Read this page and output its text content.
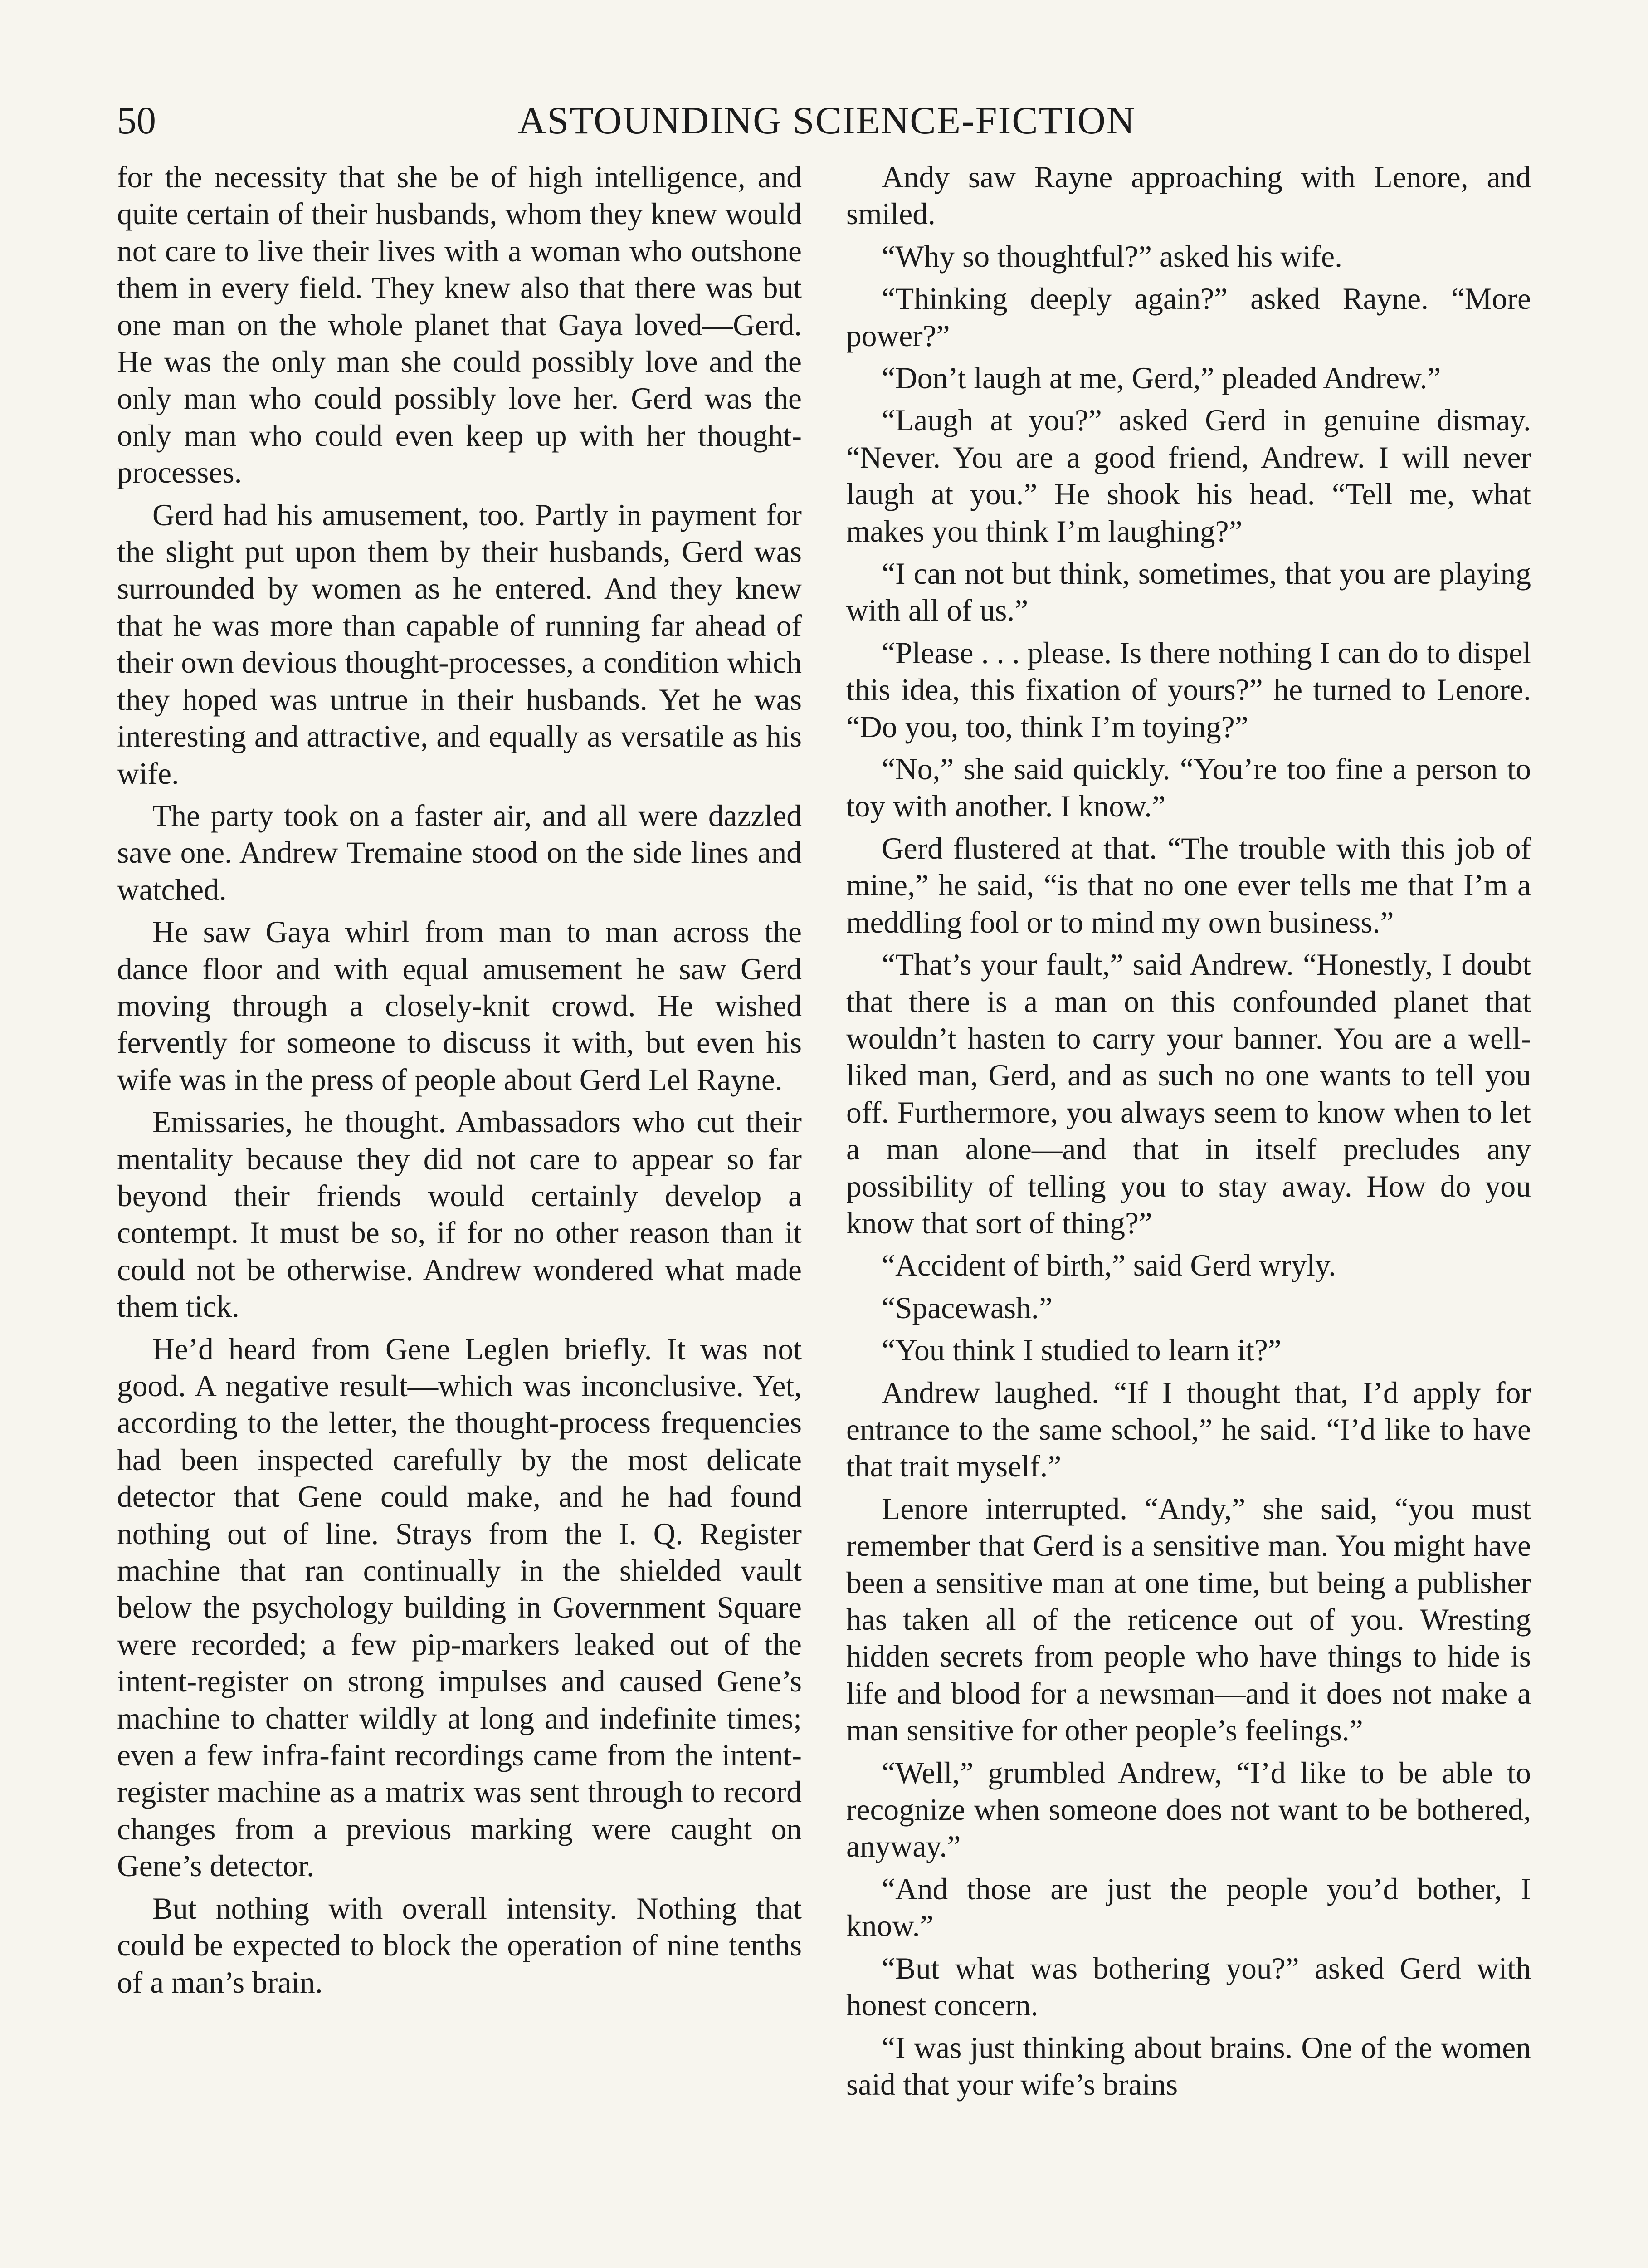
50	ASTOUNDING SCIENCE-FICTION

for the necessity that she be of high intelligence, and quite certain of their husbands, whom they knew would not care to live their lives with a woman who outshone them in every field. They knew also that there was but one man on the whole planet that Gaya loved—Gerd. He was the only man she could possibly love and the only man who could possibly love her. Gerd was the only man who could even keep up with her thought-processes.

Gerd had his amusement, too. Partly in payment for the slight put upon them by their husbands, Gerd was surrounded by women as he entered. And they knew that he was more than capable of running far ahead of their own devious thought-processes, a condition which they hoped was untrue in their husbands. Yet he was interesting and attractive, and equally as versatile as his wife.

The party took on a faster air, and all were dazzled save one. Andrew Tremaine stood on the side lines and watched.

He saw Gaya whirl from man to man across the dance floor and with equal amusement he saw Gerd moving through a closely-knit crowd. He wished fervently for someone to discuss it with, but even his wife was in the press of people about Gerd Lel Rayne.

Emissaries, he thought. Ambassadors who cut their mentality because they did not care to appear so far beyond their friends would certainly develop a contempt. It must be so, if for no other reason than it could not be otherwise. Andrew wondered what made them tick.

He’d heard from Gene Leglen briefly. It was not good. A negative result—which was inconclusive. Yet, according to the letter, the thought-process frequencies had been inspected carefully by the most delicate detector that Gene could make, and he had found nothing out of line. Strays from the I. Q. Register machine that ran continually in the shielded vault below the psychology building in Government Square were recorded; a few pip-markers leaked out of the intent-register on strong impulses and caused Gene’s machine to chatter wildly at long and indefinite times; even a few infra-faint recordings came from the intent-register machine as a matrix was sent through to record changes from a previous marking were caught on Gene’s detector.

But nothing with overall intensity. Nothing that could be expected to block the operation of nine tenths of a man’s brain.

Andy saw Rayne approaching with Lenore, and smiled.

“Why so thoughtful?” asked his wife.

“Thinking deeply again?” asked Rayne. “More power?”

“Don’t laugh at me, Gerd,” pleaded Andrew.”

“Laugh at you?” asked Gerd in genuine dismay. “Never. You are a good friend, Andrew. I will never laugh at you.” He shook his head. “Tell me, what makes you think I’m laughing?”

“I can not but think, sometimes, that you are playing with all of us.”

“Please . . . please. Is there nothing I can do to dispel this idea, this fixation of yours?” he turned to Lenore. “Do you, too, think I’m toying?”

“No,” she said quickly. “You’re too fine a person to toy with another. I know.”

Gerd flustered at that. “The trouble with this job of mine,” he said, “is that no one ever tells me that I’m a meddling fool or to mind my own business.”

“That’s your fault,” said Andrew. “Honestly, I doubt that there is a man on this confounded planet that wouldn’t hasten to carry your banner. You are a well-liked man, Gerd, and as such no one wants to tell you off. Furthermore, you always seem to know when to let a man alone—and that in itself precludes any possibility of telling you to stay away. How do you know that sort of thing?”

“Accident of birth,” said Gerd wryly.

“Spacewash.”

“You think I studied to learn it?”

Andrew laughed. “If I thought that, I’d apply for entrance to the same school,” he said. “I’d like to have that trait myself.”

Lenore interrupted. “Andy,” she said, “you must remember that Gerd is a sensitive man. You might have been a sensitive man at one time, but being a publisher has taken all of the reticence out of you. Wresting hidden secrets from people who have things to hide is life and blood for a newsman—and it does not make a man sensitive for other people’s feelings.”

“Well,” grumbled Andrew, “I’d like to be able to recognize when someone does not want to be bothered, anyway.”

“And those are just the people you’d bother, I know.”

“But what was bothering you?” asked Gerd with honest concern.

“I was just thinking about brains. One of the women said that your wife’s brains
